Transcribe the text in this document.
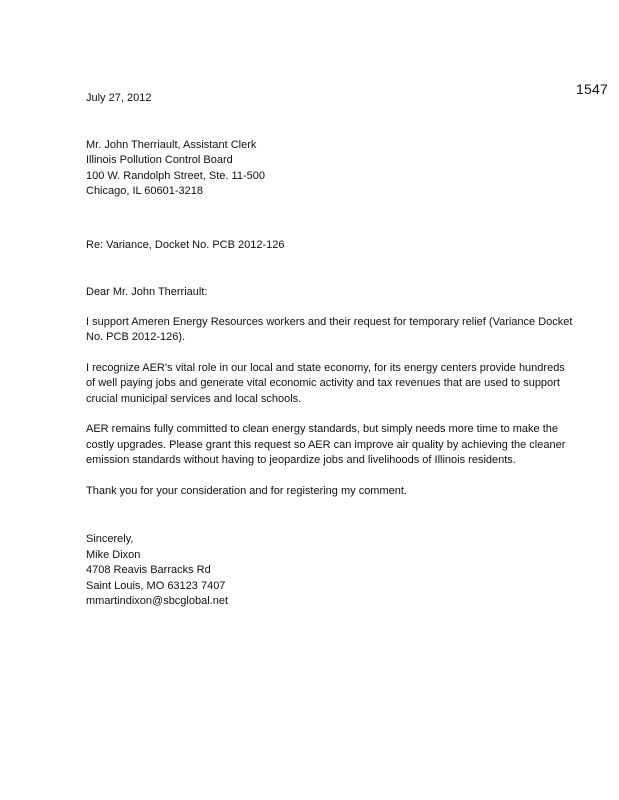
1547

July 27, 2012

Mr. John Therriault, Assistant Clerk
Illinois Pollution Control Board
100 W. Randolph Street, Ste. 11-500
Chicago, IL 60601-3218

Re: Variance, Docket No. PCB 2012-126

Dear Mr. John Therriault:

I support Ameren Energy Resources workers and their request for temporary relief (Variance Docket No. PCB 2012-126).

I recognize AER's vital role in our local and state economy, for its energy centers provide hundreds of well paying jobs and generate vital economic activity and tax revenues that are used to support crucial municipal services and local schools.

AER remains fully committed to clean energy standards, but simply needs more time to make the costly upgrades. Please grant this request so AER can improve air quality by achieving the cleaner emission standards without having to jeopardize jobs and livelihoods of Illinois residents.

Thank you for your consideration and for registering my comment.

Sincerely,
Mike Dixon
4708 Reavis Barracks Rd
Saint Louis, MO 63123 7407
mmartindixon@sbcglobal.net
